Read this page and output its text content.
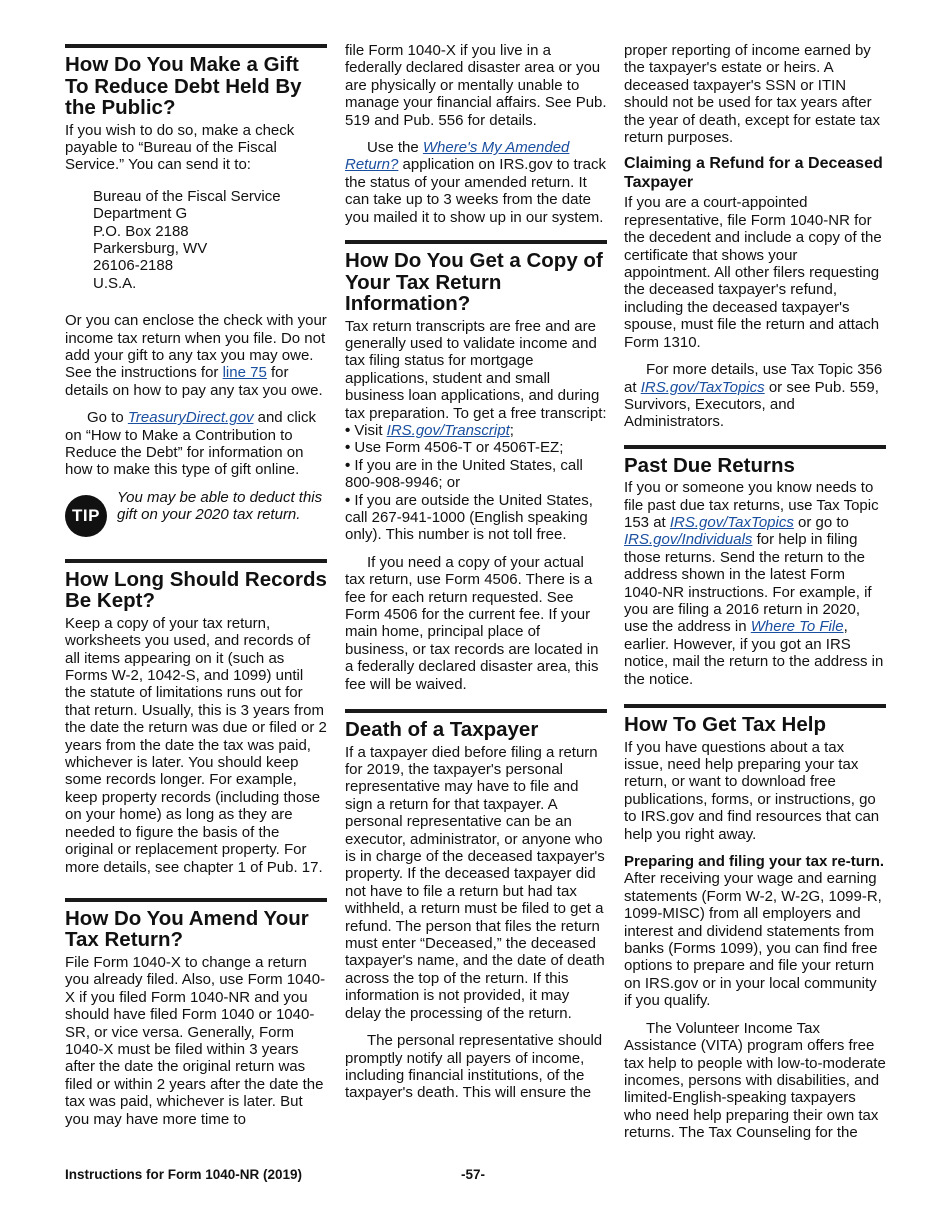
How Do You Make a Gift To Reduce Debt Held By the Public?

If you wish to do so, make a check payable to “Bureau of the Fiscal Service.” You can send it to:

Bureau of the Fiscal Service
Department G
P.O. Box 2188
Parkersburg, WV
26106-2188
U.S.A.

Or you can enclose the check with your income tax return when you file. Do not add your gift to any tax you may owe. See the instructions for line 75 for details on how to pay any tax you owe.

Go to TreasuryDirect.gov and click on “How to Make a Contribution to Reduce the Debt” for information on how to make this type of gift online.

TIP
You may be able to deduct this gift on your 2020 tax return.
How Long Should Records Be Kept?

Keep a copy of your tax return, worksheets you used, and records of all items appearing on it (such as Forms W-2, 1042-S, and 1099) until the statute of limitations runs out for that return. Usually, this is 3 years from the date the return was due or filed or 2 years from the date the tax was paid, whichever is later. You should keep some records longer. For example, keep property records (including those on your home) as long as they are needed to figure the basis of the original or replacement property. For more details, see chapter 1 of Pub. 17.

How Do You Amend Your Tax Return?

File Form 1040-X to change a return you already filed. Also, use Form 1040-X if you filed Form 1040-NR and you should have filed Form 1040 or 1040-SR, or vice versa. Generally, Form 1040-X must be filed within 3 years after the date the original return was filed or within 2 years after the date the tax was paid, whichever is later. But you may have more time to

file Form 1040-X if you live in a federally declared disaster area or you are physically or mentally unable to manage your financial affairs. See Pub. 519 and Pub. 556 for details.

Use the Where's My Amended Return? application on IRS.gov to track the status of your amended return. It can take up to 3 weeks from the date you mailed it to show up in our system.

How Do You Get a Copy of Your Tax Return Information?

Tax return transcripts are free and are generally used to validate income and tax filing status for mortgage applications, student and small business loan applications, and during tax preparation. To get a free transcript:

• Visit IRS.gov/Transcript;
• Use Form 4506-T or 4506T-EZ;
• If you are in the United States, call 800-908-9946; or
• If you are outside the United States, call 267-941-1000 (English speaking only). This number is not toll free.

If you need a copy of your actual tax return, use Form 4506. There is a fee for each return requested. See Form 4506 for the current fee. If your main home, principal place of business, or tax records are located in a federally declared disaster area, this fee will be waived.

Death of a Taxpayer

If a taxpayer died before filing a return for 2019, the taxpayer's personal representative may have to file and sign a return for that taxpayer. A personal representative can be an executor, administrator, or anyone who is in charge of the deceased taxpayer's property. If the deceased taxpayer did not have to file a return but had tax withheld, a return must be filed to get a refund. The person that files the return must enter “Deceased,” the deceased taxpayer's name, and the date of death across the top of the return. If this information is not provided, it may delay the processing of the return.

The personal representative should promptly notify all payers of income, including financial institutions, of the taxpayer's death. This will ensure the

proper reporting of income earned by the taxpayer's estate or heirs. A deceased taxpayer's SSN or ITIN should not be used for tax years after the year of death, except for estate tax return purposes.

Claiming a Refund for a Deceased Taxpayer

If you are a court-appointed representative, file Form 1040-NR for the decedent and include a copy of the certificate that shows your appointment. All other filers requesting the deceased taxpayer's refund, including the deceased taxpayer's spouse, must file the return and attach Form 1310.

For more details, use Tax Topic 356 at IRS.gov/TaxTopics or see Pub. 559, Survivors, Executors, and Administrators.

Past Due Returns

If you or someone you know needs to file past due tax returns, use Tax Topic 153 at IRS.gov/TaxTopics or go to IRS.gov/Individuals for help in filing those returns. Send the return to the address shown in the latest Form 1040-NR instructions. For example, if you are filing a 2016 return in 2020, use the address in Where To File, earlier. However, if you got an IRS notice, mail the return to the address in the notice.

How To Get Tax Help

If you have questions about a tax issue, need help preparing your tax return, or want to download free publications, forms, or instructions, go to IRS.gov and find resources that can help you right away.

Preparing and filing your tax re-turn. After receiving your wage and earning statements (Form W-2, W-2G, 1099-R, 1099-MISC) from all employers and interest and dividend statements from banks (Forms 1099), you can find free options to prepare and file your return on IRS.gov or in your local community if you qualify.

The Volunteer Income Tax Assistance (VITA) program offers free tax help to people with low-to-moderate incomes, persons with disabilities, and limited-English-speaking taxpayers who need help preparing their own tax returns. The Tax Counseling for the

Instructions for Form 1040-NR (2019)	-57-
